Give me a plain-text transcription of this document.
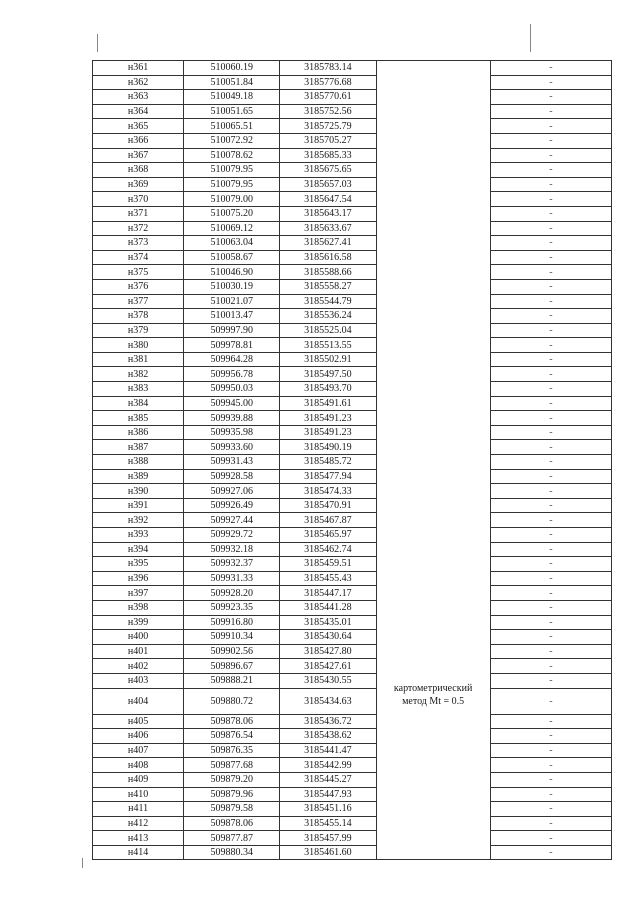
н361	510060.19	3185783.14		-
н362	510051.84	3185776.68		-
н363	510049.18	3185770.61		-
н364	510051.65	3185752.56		-
н365	510065.51	3185725.79		-
н366	510072.92	3185705.27		-
н367	510078.62	3185685.33		-
н368	510079.95	3185675.65		-
н369	510079.95	3185657.03		-
н370	510079.00	3185647.54		-
н371	510075.20	3185643.17		-
н372	510069.12	3185633.67		-
н373	510063.04	3185627.41		-
н374	510058.67	3185616.58		-
н375	510046.90	3185588.66		-
н376	510030.19	3185558.27		-
н377	510021.07	3185544.79		-
н378	510013.47	3185536.24		-
н379	509997.90	3185525.04		-
н380	509978.81	3185513.55		-
н381	509964.28	3185502.91		-
н382	509956.78	3185497.50		-
н383	509950.03	3185493.70		-
н384	509945.00	3185491.61		-
н385	509939.88	3185491.23		-
н386	509935.98	3185491.23		-
н387	509933.60	3185490.19		-
н388	509931.43	3185485.72		-
н389	509928.58	3185477.94		-
н390	509927.06	3185474.33		-
н391	509926.49	3185470.91		-
н392	509927.44	3185467.87		-
н393	509929.72	3185465.97		-
н394	509932.18	3185462.74		-
н395	509932.37	3185459.51		-
н396	509931.33	3185455.43		-
н397	509928.20	3185447.17		-
н398	509923.35	3185441.28		-
н399	509916.80	3185435.01		-
н400	509910.34	3185430.64		-
н401	509902.56	3185427.80		-
н402	509896.67	3185427.61		-
н403	509888.21	3185430.55		-
н404	509880.72	3185434.63	картометрический
метод Mt = 0.5	-
н405	509878.06	3185436.72		-
н406	509876.54	3185438.62		-
н407	509876.35	3185441.47		-
н408	509877.68	3185442.99		-
н409	509879.20	3185445.27		-
н410	509879.96	3185447.93		-
н411	509879.58	3185451.16		-
н412	509878.06	3185455.14		-
н413	509877.87	3185457.99		-
н414	509880.34	3185461.60		-
